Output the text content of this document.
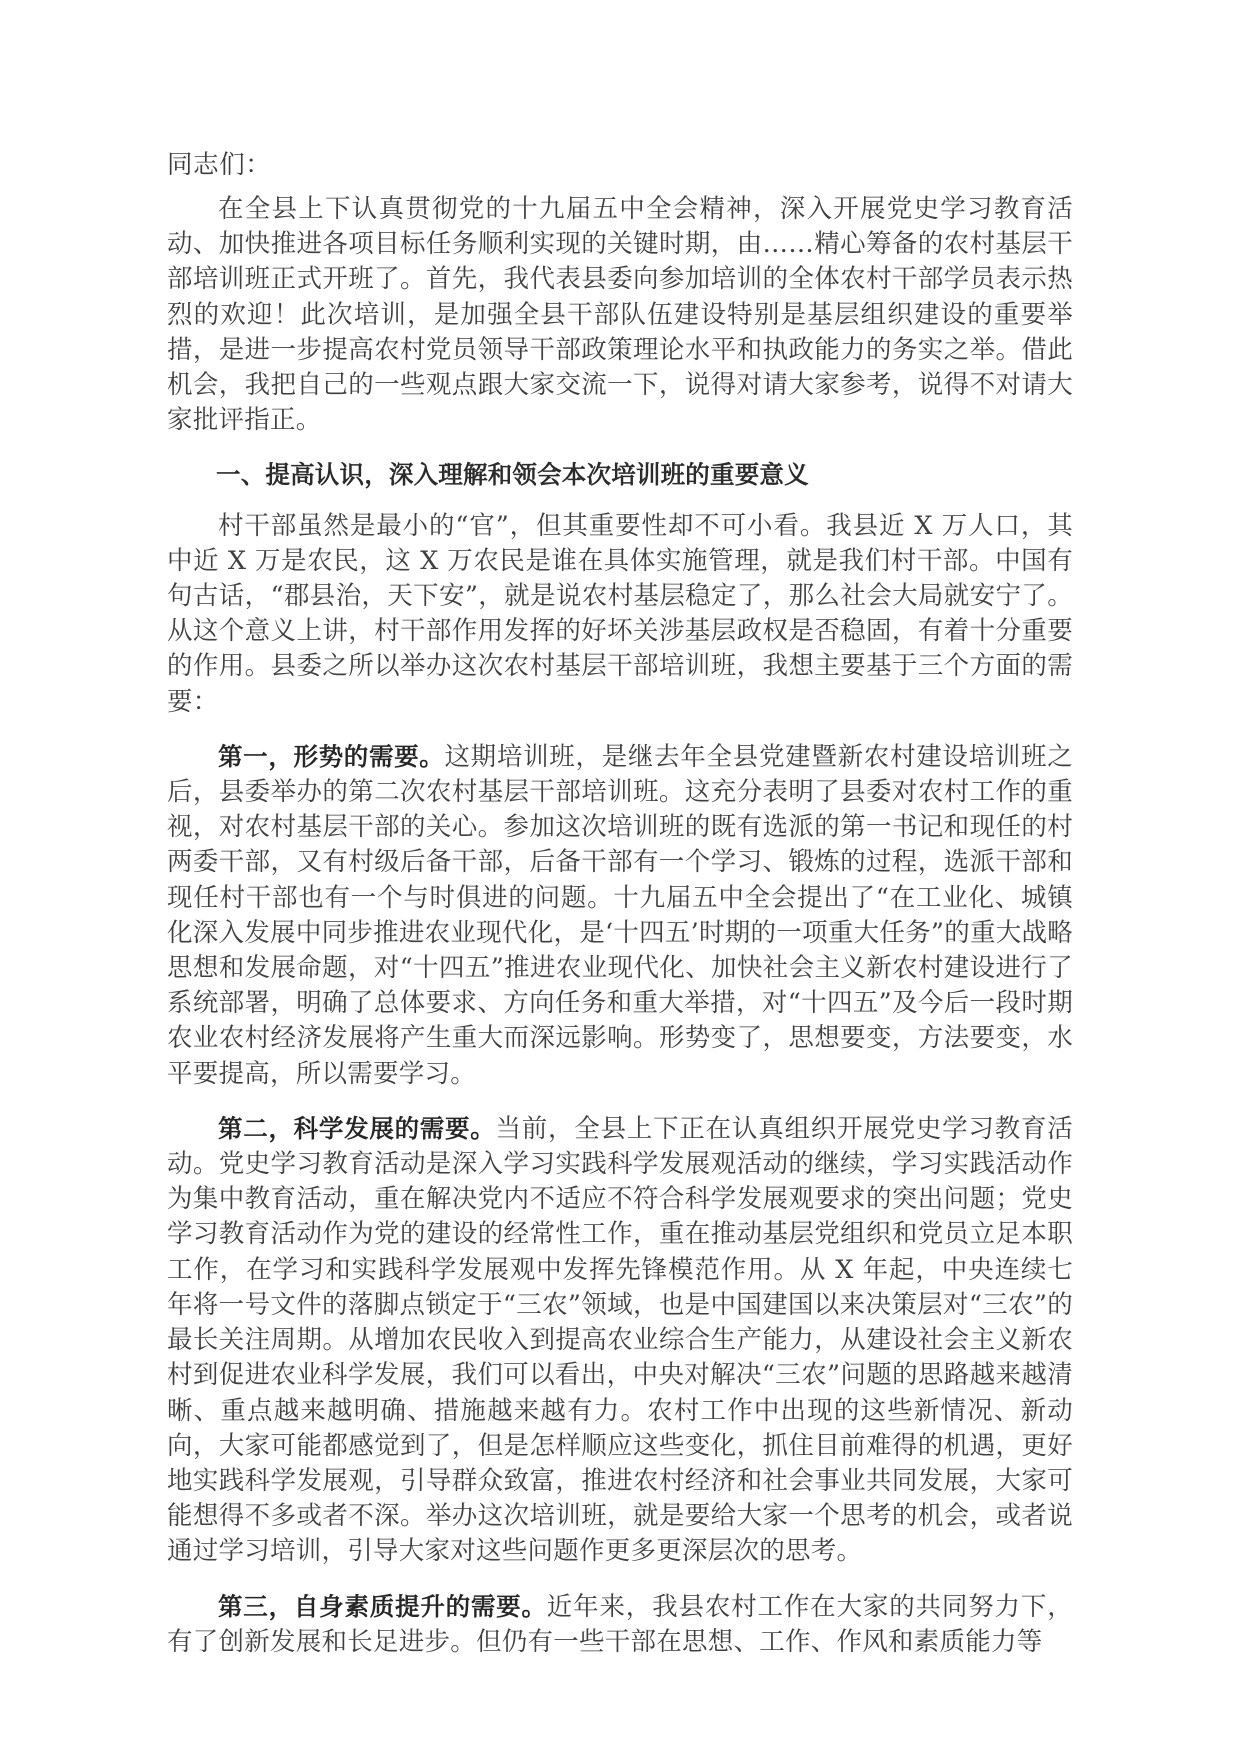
同志们：

在全县上下认真贯彻党的十九届五中全会精神，深入开展党史学习教育活动、加快推进各项目标任务顺利实现的关键时期，由……精心筹备的农村基层干部培训班正式开班了。首先，我代表县委向参加培训的全体农村干部学员表示热烈的欢迎！此次培训，是加强全县干部队伍建设特别是基层组织建设的重要举措，是进一步提高农村党员领导干部政策理论水平和执政能力的务实之举。借此机会，我把自己的一些观点跟大家交流一下，说得对请大家参考，说得不对请大家批评指正。

一、提高认识，深入理解和领会本次培训班的重要意义

村干部虽然是最小的“官”，但其重要性却不可小看。我县近 X 万人口，其中近 X 万是农民，这 X 万农民是谁在具体实施管理，就是我们村干部。中国有句古话，“郡县治，天下安”，就是说农村基层稳定了，那么社会大局就安宁了。从这个意义上讲，村干部作用发挥的好坏关涉基层政权是否稳固，有着十分重要的作用。县委之所以举办这次农村基层干部培训班，我想主要基于三个方面的需要：

第一，形势的需要。这期培训班，是继去年全县党建暨新农村建设培训班之后，县委举办的第二次农村基层干部培训班。这充分表明了县委对农村工作的重视，对农村基层干部的关心。参加这次培训班的既有选派的第一书记和现任的村两委干部，又有村级后备干部，后备干部有一个学习、锻炼的过程，选派干部和现任村干部也有一个与时俱进的问题。十九届五中全会提出了“在工业化、城镇化深入发展中同步推进农业现代化，是‘十四五’时期的一项重大任务”的重大战略思想和发展命题，对“十四五”推进农业现代化、加快社会主义新农村建设进行了系统部署，明确了总体要求、方向任务和重大举措，对“十四五”及今后一段时期农业农村经济发展将产生重大而深远影响。形势变了，思想要变，方法要变，水平要提高，所以需要学习。

第二，科学发展的需要。当前，全县上下正在认真组织开展党史学习教育活动。党史学习教育活动是深入学习实践科学发展观活动的继续，学习实践活动作为集中教育活动，重在解决党内不适应不符合科学发展观要求的突出问题；党史学习教育活动作为党的建设的经常性工作，重在推动基层党组织和党员立足本职工作，在学习和实践科学发展观中发挥先锋模范作用。从 X 年起，中央连续七年将一号文件的落脚点锁定于“三农”领域，也是中国建国以来决策层对“三农”的最长关注周期。从增加农民收入到提高农业综合生产能力，从建设社会主义新农村到促进农业科学发展，我们可以看出，中央对解决“三农”问题的思路越来越清晰、重点越来越明确、措施越来越有力。农村工作中出现的这些新情况、新动向，大家可能都感觉到了，但是怎样顺应这些变化，抓住目前难得的机遇，更好地实践科学发展观，引导群众致富，推进农村经济和社会事业共同发展，大家可能想得不多或者不深。举办这次培训班，就是要给大家一个思考的机会，或者说通过学习培训，引导大家对这些问题作更多更深层次的思考。

第三，自身素质提升的需要。近年来，我县农村工作在大家的共同努力下，有了创新发展和长足进步。但仍有一些干部在思想、工作、作风和素质能力等
